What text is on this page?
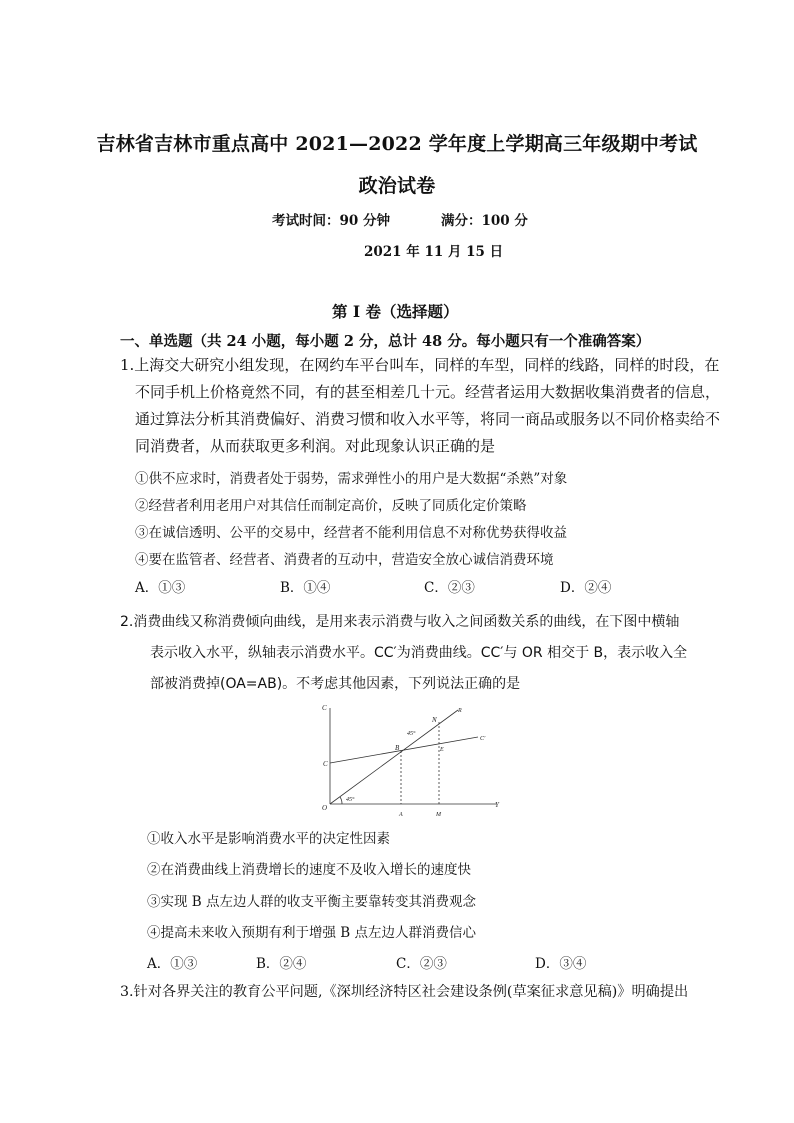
吉林省吉林市重点高中 2021—2022 学年度上学期高三年级期中考试
政治试卷
考试时间：90 分钟	满分：100 分
2021 年 11 月 15 日
第 I 卷（选择题）
一、单选题（共 24 小题，每小题 2 分，总计 48 分。每小题只有一个准确答案）
1.上海交大研究小组发现，在网约车平台叫车，同样的车型，同样的线路，同样的时段，在
不同手机上价格竟然不同，有的甚至相差几十元。经营者运用大数据收集消费者的信息，
通过算法分析其消费偏好、消费习惯和收入水平等，将同一商品或服务以不同价格卖给不
同消费者，从而获取更多利润。对此现象认识正确的是
①供不应求时，消费者处于弱势，需求弹性小的用户是大数据“杀熟”对象
②经营者利用老用户对其信任而制定高价，反映了同质化定价策略
③在诚信透明、公平的交易中，经营者不能利用信息不对称优势获得收益
④要在监管者、经营者、消费者的互动中，营造安全放心诚信消费环境
A．①③	B．①④	C．②③	D．②④
2.消费曲线又称消费倾向曲线，是用来表示消费与收入之间函数关系的曲线，在下图中横轴
表示收入水平，纵轴表示消费水平。CC′为消费曲线。CC′与 OR 相交于 B，表示收入全
部被消费掉(OA=AB)。不考虑其他因素，下列说法正确的是
C
Y
O
C
A	M
B
N
E
R
C′
45°
45°
①收入水平是影响消费水平的决定性因素
②在消费曲线上消费增长的速度不及收入增长的速度快
③实现 B 点左边人群的收支平衡主要靠转变其消费观念
④提高未来收入预期有利于增强 B 点左边人群消费信心
A．①③	B．②④	C．②③	D．③④
3.针对各界关注的教育公平问题,《深圳经济特区社会建设条例(草案征求意见稿)》明确提出
